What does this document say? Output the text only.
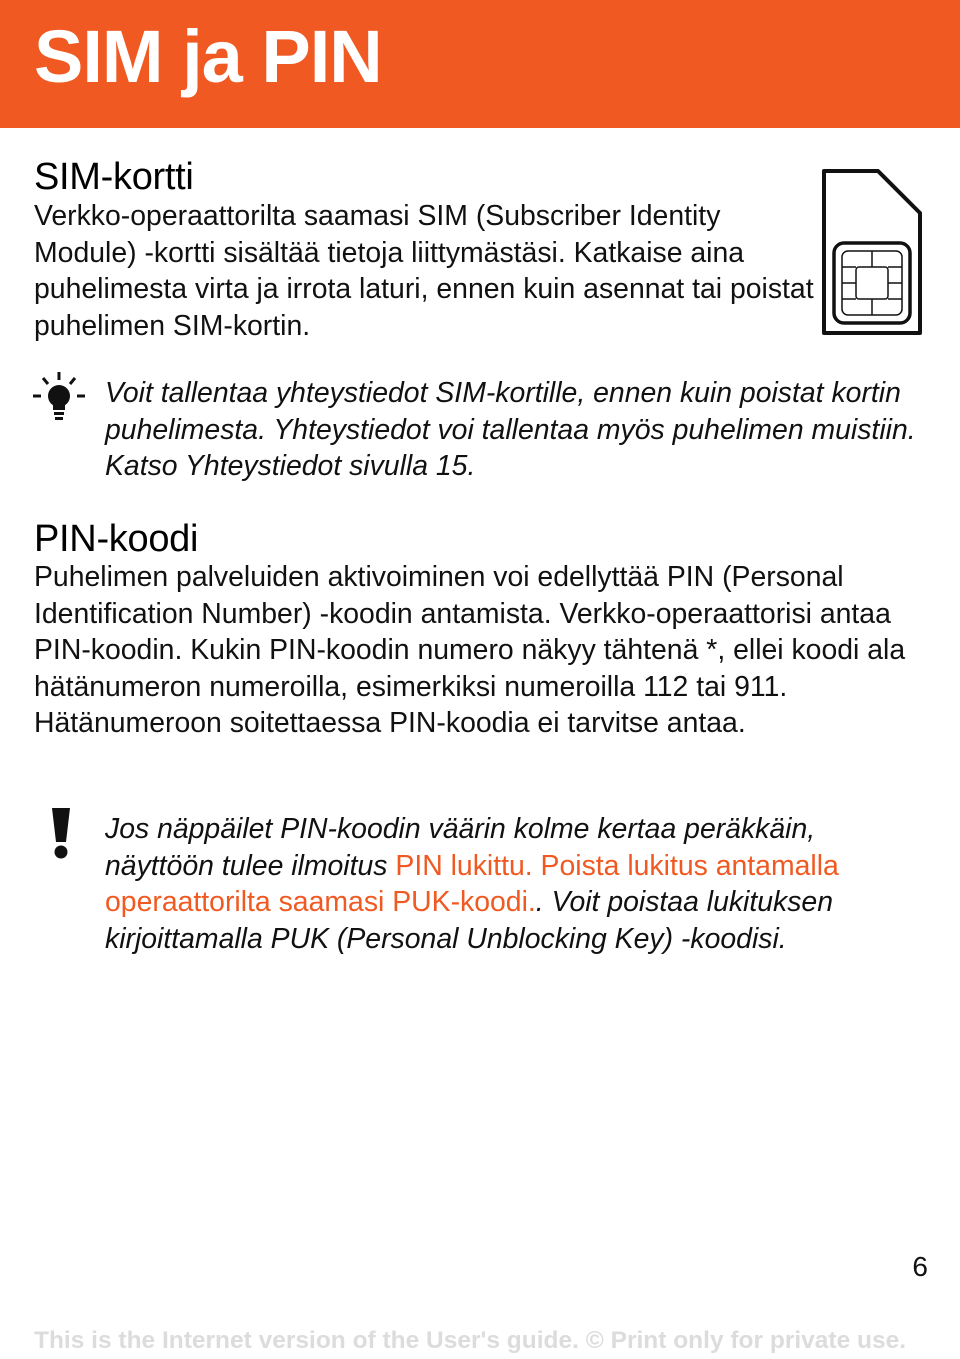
SIM ja PIN
SIM-kortti

Verkko-operaattorilta saamasi SIM (Subscriber Identity Module) -kortti sisältää tietoja liittymästäsi. Katkaise aina puhelimesta virta ja irrota laturi, ennen kuin asennat tai poistat puhelimen SIM-kortin.

Voit tallentaa yhteystiedot SIM-kortille, ennen kuin poistat kortin puhelimesta. Yhteystiedot voi tallentaa myös puhelimen muistiin. Katso Yhteystiedot sivulla 15.

PIN-koodi

Puhelimen palveluiden aktivoiminen voi edellyttää PIN (Personal Identification Number) -koodin antamista. Verkko-operaattorisi antaa PIN-koodin. Kukin PIN-koodin numero näkyy tähtenä *, ellei koodi ala hätänumeron numeroilla, esimerkiksi numeroilla 112 tai 911. Hätänumeroon soitettaessa PIN-koodia ei tarvitse antaa.

Jos näppäilet PIN-koodin väärin kolme kertaa peräkkäin, näyttöön tulee ilmoitus PIN lukittu. Poista lukitus antamalla operaattorilta saamasi PUK-koodi.. Voit poistaa lukituksen kirjoittamalla PUK (Personal Unblocking Key) -koodisi.

6
This is the Internet version of the User's guide. © Print only for private use.
